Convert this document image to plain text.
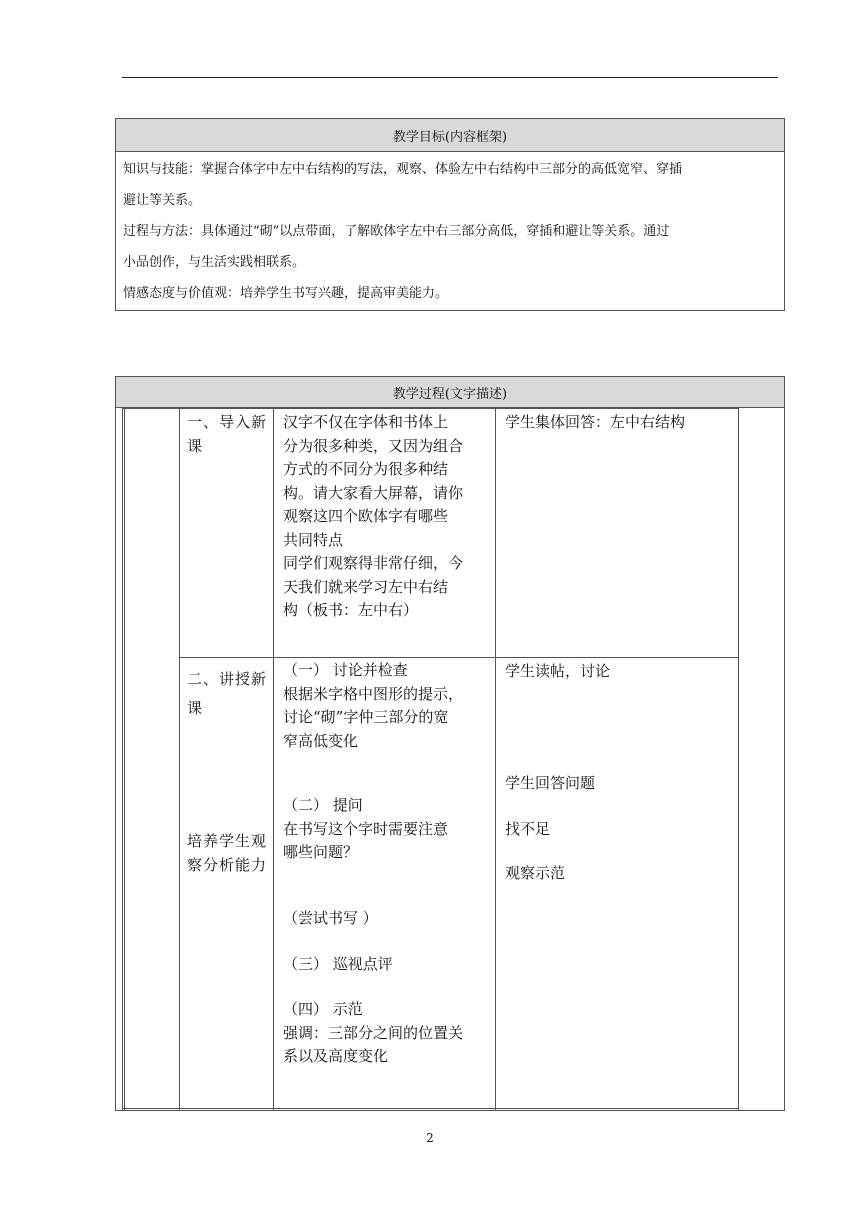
教学目标(内容框架)

知识与技能：掌握合体字中左中右结构的写法，观察、体验左中右结构中三部分的高低宽窄、穿插

避让等关系。

过程与方法：具体通过“砌”以点带面，了解欧体字左中右三部分高低，穿插和避让等关系。通过

小品创作，与生活实践相联系。

情感态度与价值观：培养学生书写兴趣，提高审美能力。

教学过程(文字描述)
一、导入新课
汉字不仅在字体和书体上
分为很多种类，又因为组合
方式的不同分为很多种结
构。请大家看大屏幕，请你
观察这四个欧体字有哪些
共同特点
同学们观察得非常仔细，今
天我们就来学习左中右结
构（板书：左中右）
学生集体回答：左中右结构
二、讲授新课
培养学生观察分析能力
（一） 讨论并检查
根据米字格中图形的提示，
讨论“砌”字仲三部分的宽
窄高低变化
（二） 提问
在书写这个字时需要注意
哪些问题？
（尝试书写 ）
（三） 巡视点评
（四） 示范
强调：三部分之间的位置关
系以及高度变化
学生读帖，讨论
学生回答问题
找不足
观察示范
2
